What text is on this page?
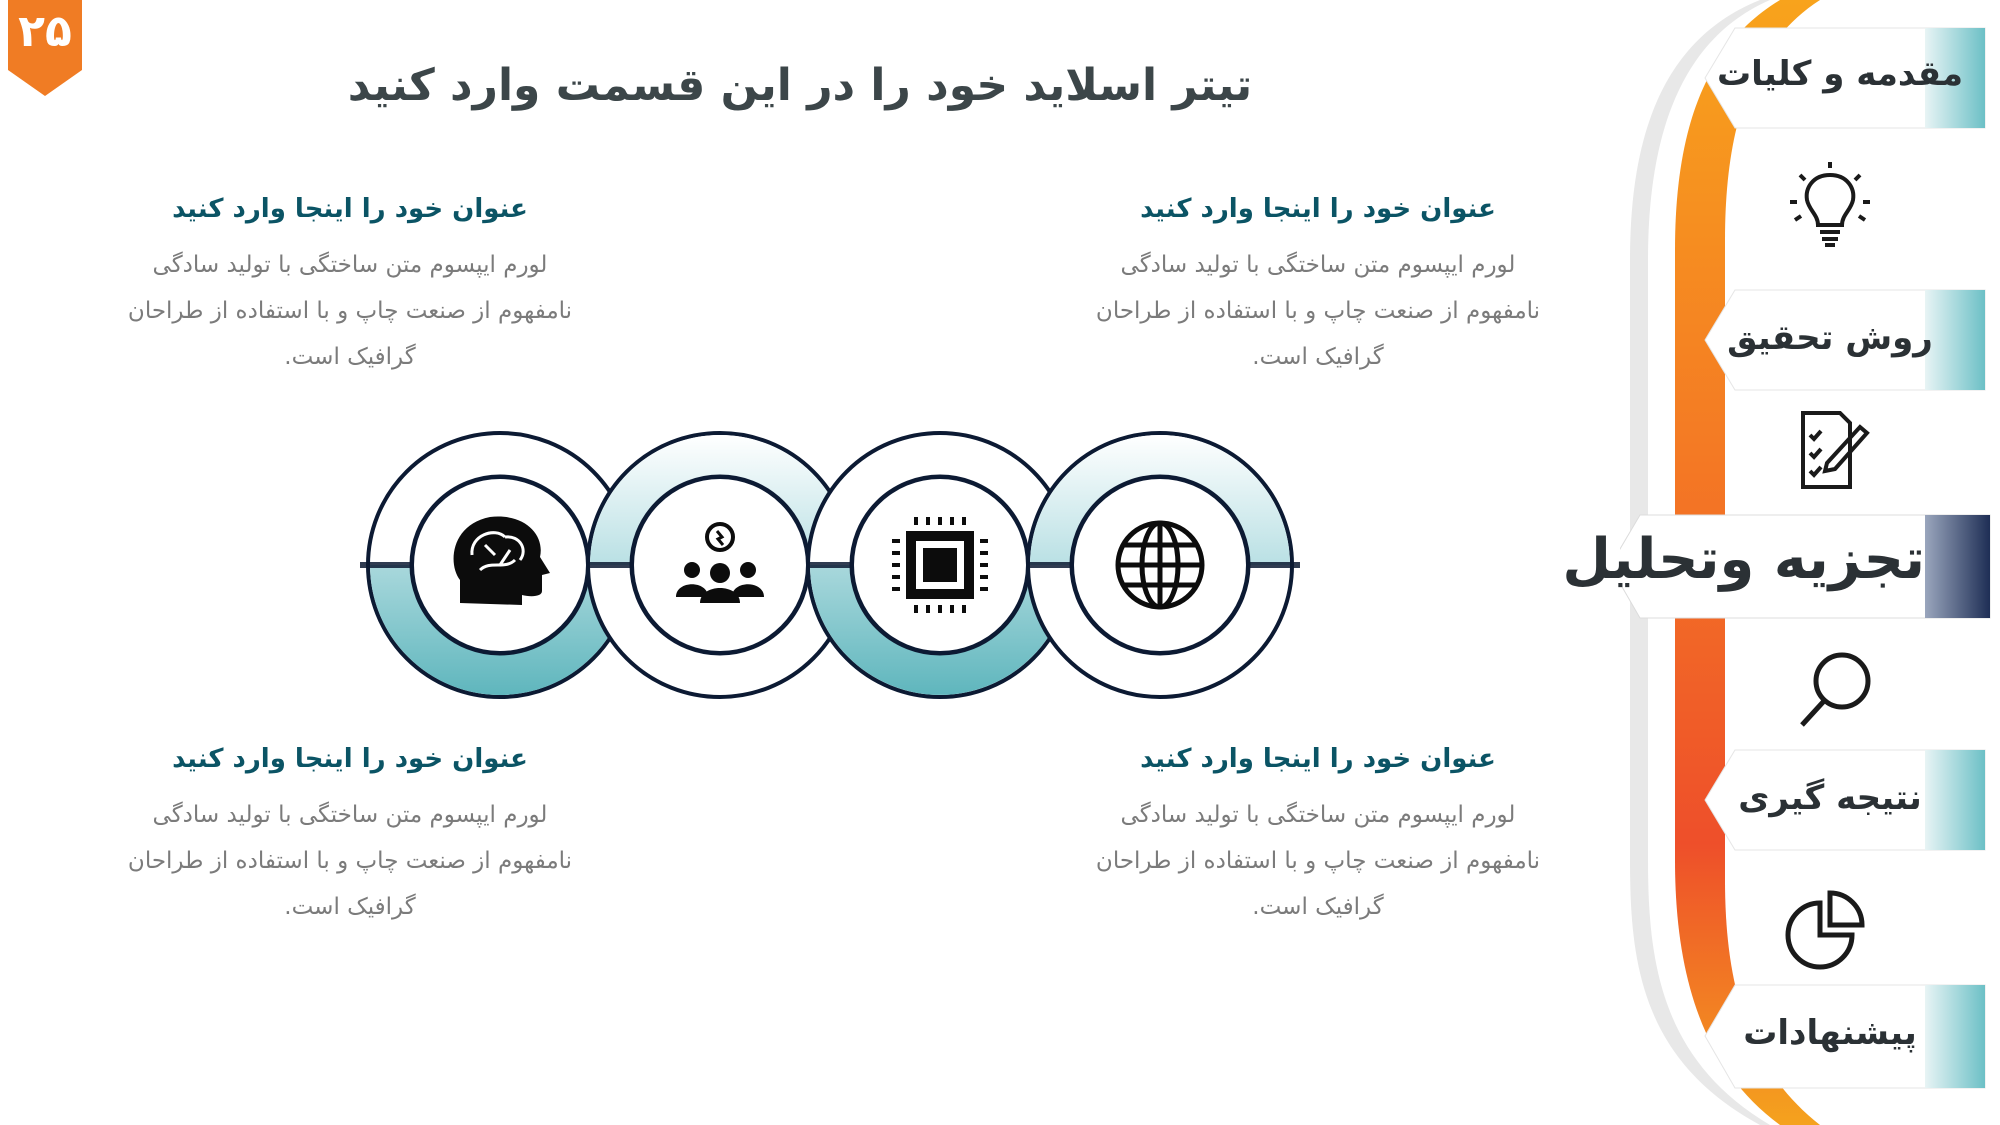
۲۵
تیتر اسلاید خود را در این قسمت وارد کنید
عنوان خود را اینجا وارد کنید
لورم ایپسوم متن ساختگی با تولید سادگی
نامفهوم از صنعت چاپ و با استفاده از طراحان
گرافیک است.
عنوان خود را اینجا وارد کنید
لورم ایپسوم متن ساختگی با تولید سادگی
نامفهوم از صنعت چاپ و با استفاده از طراحان
گرافیک است.
عنوان خود را اینجا وارد کنید
لورم ایپسوم متن ساختگی با تولید سادگی
نامفهوم از صنعت چاپ و با استفاده از طراحان
گرافیک است.
عنوان خود را اینجا وارد کنید
لورم ایپسوم متن ساختگی با تولید سادگی
نامفهوم از صنعت چاپ و با استفاده از طراحان
گرافیک است.
مقدمه و کلیات
روش تحقیق
تجزیه وتحلیل
نتیجه گیری
پیشنهادات
